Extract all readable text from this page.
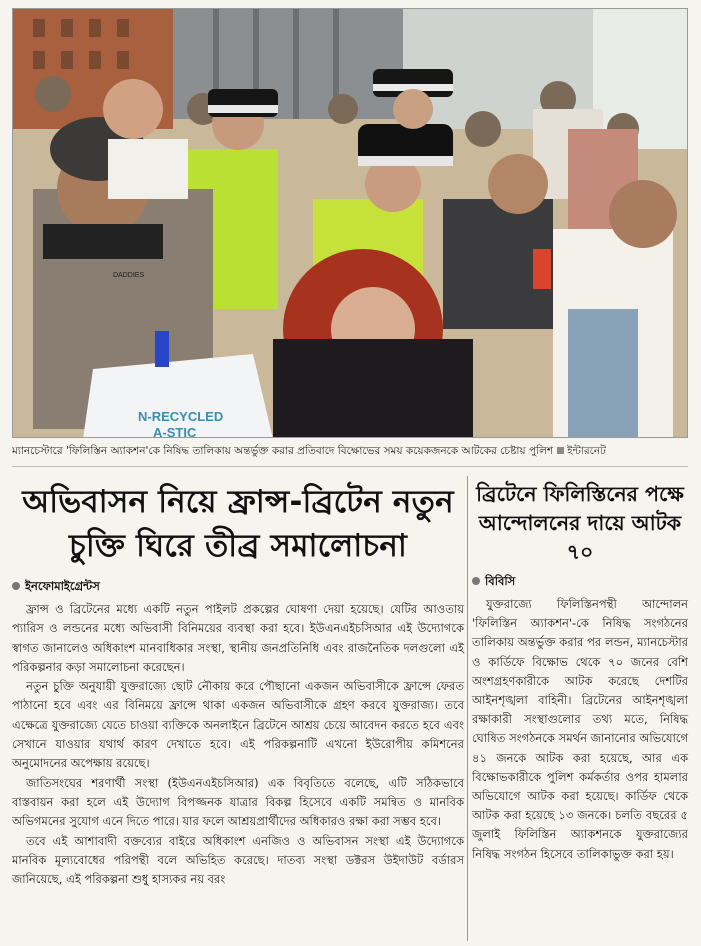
N-RECYCLED
A-STIC
DADDIES
ম্যানচেস্টারে 'ফিলিস্তিন অ্যাকশন'কে নিষিদ্ধ তালিকায় অন্তর্ভুক্ত করার প্রতিবাদে বিক্ষোভের সময় কয়েকজনকে আটকের চেষ্টায় পুলিশ ইন্টারনেট
অভিবাসন নিয়ে ফ্রান্স-ব্রিটেন নতুন চুক্তি ঘিরে তীব্র সমালোচনা
ইনফোমাইগ্রেন্টস

ফ্রান্স ও ব্রিটেনের মধ্যে একটি নতুন পাইলট প্রকল্পের ঘোষণা দেয়া হয়েছে। যেটির আওতায় প্যারিস ও লন্ডনের মধ্যে অভিবাসী বিনিময়ের ব্যবস্থা করা হবে। ইউএনএইচসিআর এই উদ্যোগকে স্বাগত জানালেও অধিকাংশ মানবাধিকার সংস্থা, স্থানীয় জনপ্রতিনিধি এবং রাজনৈতিক দলগুলো এই পরিকল্পনার কড়া সমালোচনা করেছেন।

নতুন চুক্তি অনুযায়ী যুক্তরাজ্যে ছোট নৌকায় করে পৌছানো একজন অভিবাসীকে ফ্রান্সে ফেরত পাঠানো হবে এবং এর বিনিময়ে ফ্রান্সে থাকা একজন অভিবাসীকে গ্রহণ করবে যুক্তরাজ্য। তবে এক্ষেত্রে যুক্তরাজ্যে যেতে চাওয়া ব্যক্তিকে অনলাইনে ব্রিটেনে আশ্রয় চেয়ে আবেদন করতে হবে এবং সেখানে যাওয়ার যথার্থ কারণ দেখাতে হবে। এই পরিকল্পনাটি এখনো ইউরোপীয় কমিশনের অনুমোদনের অপেক্ষায় রয়েছে।

জাতিসংঘের শরণার্থী সংস্থা (ইউএনএইচসিআর) এক বিবৃতিতে বলেছে, এটি সঠিকভাবে বাস্তবায়ন করা হলে এই উদ্যোগ বিপজ্জনক যাত্রার বিকল্প হিসেবে একটি সমন্বিত ও মানবিক অভিগমনের সুযোগ এনে দিতে পারে। যার ফলে আশ্রয়প্রার্থীদের অধিকারও রক্ষা করা সম্ভব হবে।

তবে এই আশাবাদী বক্তব্যের বাইরে অধিকাংশ এনজিও ও অভিবাসন সংস্থা এই উদ্যোগকে মানবিক মূল্যবোধের পরিপন্থী বলে অভিহিত করেছে। দাতব্য সংস্থা ডক্টরস উইদাউট বর্ডারস জানিয়েছে, এই পরিকল্পনা শুধু হাস্যকর নয় বরং

ব্রিটেনে ফিলিস্তিনের পক্ষে আন্দোলনের দায়ে আটক ৭০
বিবিসি

যুক্তরাজ্যে ফিলিস্তিনপন্থী আন্দোলন 'ফিলিস্তিন অ্যাকশন'-কে নিষিদ্ধ সংগঠনের তালিকায় অন্তর্ভুক্ত করার পর লন্ডন, ম্যানচেস্টার ও কার্ডিফে বিক্ষোভ থেকে ৭০ জনের বেশি অংশগ্রহণকারীকে আটক করেছে দেশটির আইনশৃঙ্খলা বাহিনী। ব্রিটেনের আইনশৃঙ্খলা রক্ষাকারী সংস্থাগুলোর তথ্য মতে, নিষিদ্ধ ঘোষিত সংগঠনকে সমর্থন জানানোর অভিযোগে ৪১ জনকে আটক করা হয়েছে, আর এক বিক্ষোভকারীকে পুলিশ কর্মকর্তার ওপর হামলার অভিযোগে আটক করা হয়েছে। কার্ডিফ থেকে আটক করা হয়েছে ১৩ জনকে। চলতি বছরের ৫ জুলাই ফিলিস্তিন অ্যাকশনকে যুক্তরাজ্যের নিষিদ্ধ সংগঠন হিসেবে তালিকাভুক্ত করা হয়।
